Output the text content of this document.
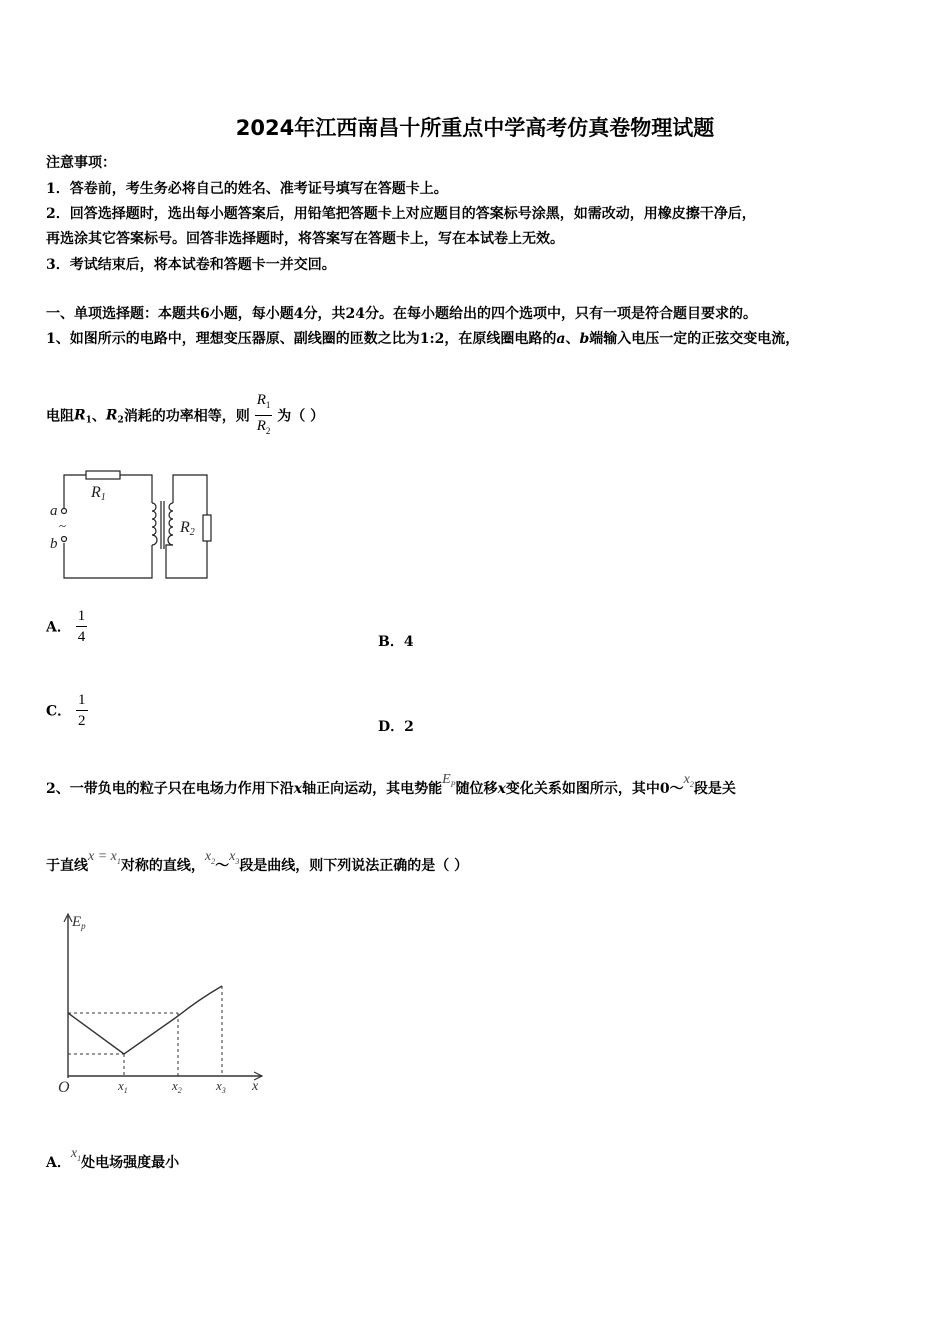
2024年江西南昌十所重点中学高考仿真卷物理试题
注意事项：
1．答卷前，考生务必将自己的姓名、准考证号填写在答题卡上。
2．回答选择题时，选出每小题答案后，用铅笔把答题卡上对应题目的答案标号涂黑，如需改动，用橡皮擦干净后，
再选涂其它答案标号。回答非选择题时，将答案写在答题卡上，写在本试卷上无效。
3．考试结束后，将本试卷和答题卡一并交回。
一、单项选择题：本题共6小题，每小题4分，共24分。在每小题给出的四个选项中，只有一项是符合题目要求的。
1、如图所示的电路中，理想变压器原、副线圈的匝数之比为1:2，在原线圈电路的a、b端输入电压一定的正弦交变电流，
电阻$R_1$、$R_2$消耗的功率相等，则 $\frac{R_1}{R_2}$ 为（ ）
R1
R2
a
b
~
A． $\frac{1}{4}$	B．4
C． $\frac{1}{2}$	D．2
2、一带负电的粒子只在电场力作用下沿x轴正向运动，其电势能$E_P$随位移x变化关系如图所示，其中$0\sim x_2$段是关
于直线$x = x_1$对称的直线，$x_2\sim x_3$段是曲线，则下列说法正确的是（ ）
$E_p$
O	$x_1$	$x_2$	$x_3$ x
A．$x_1$处电场强度最小
